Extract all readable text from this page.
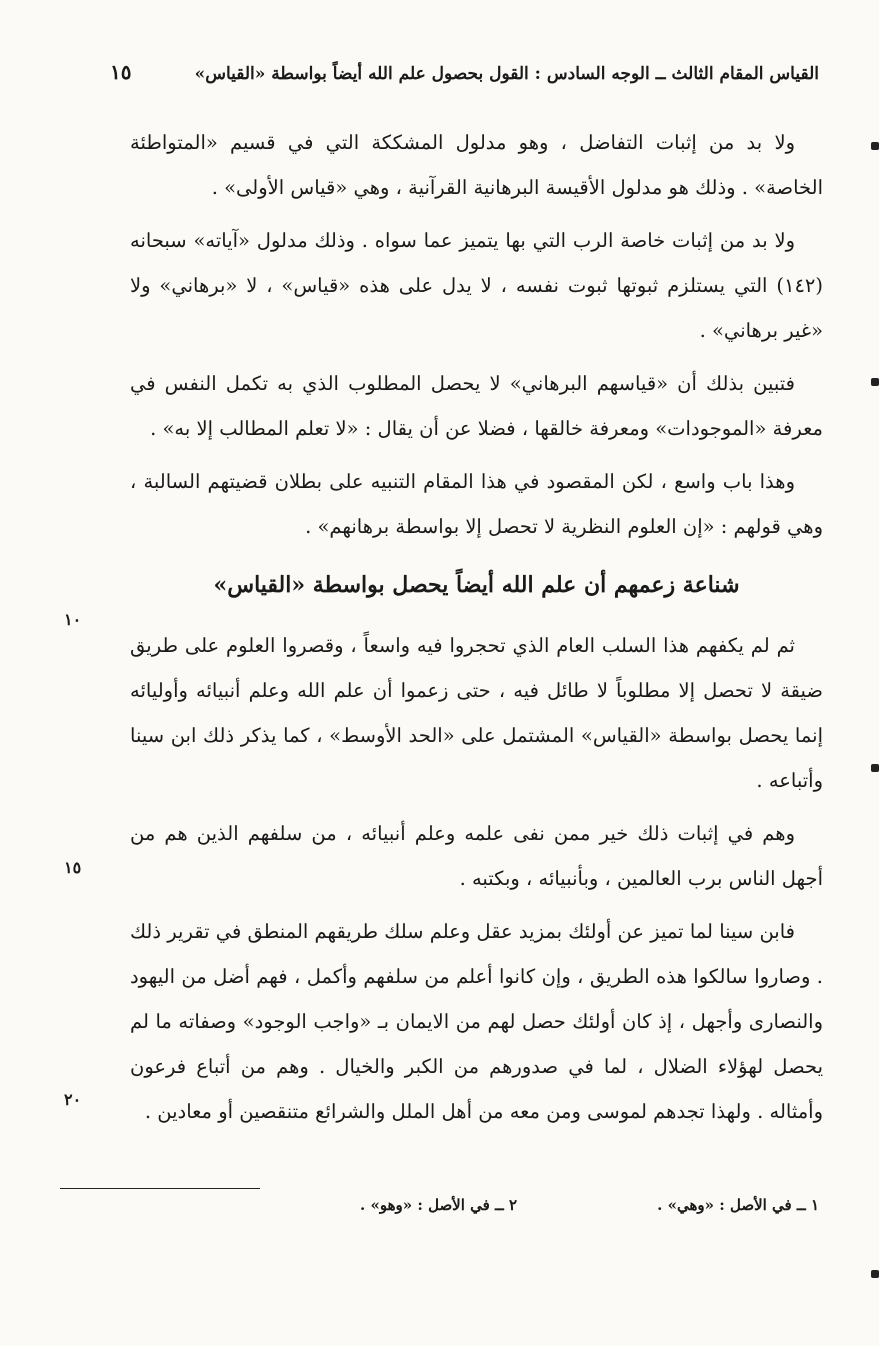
القياس المقام الثالث ــ الوجه السادس : القول بحصول علم الله أيضاً بواسطة «القياس»
١٥

ولا بد من إثبات التفاضل ، وهو مدلول المشككة التي في قسيم «المتواطئة الخاصة» . وذلك هو مدلول الأقيسة البرهانية القرآنية ، وهي «قياس الأولى» .

ولا بد من إثبات خاصة الرب التي بها يتميز عما سواه . وذلك مدلول «آياته» سبحانه (١٤٢) التي يستلزم ثبوتها ثبوت نفسه ، لا يدل على هذه «قياس» ، لا «برهاني» ولا «غير برهاني» .

فتبين بذلك أن «قياسهم البرهاني» لا يحصل المطلوب الذي به تكمل النفس في معرفة «الموجودات» ومعرفة خالقها ، فضلا عن أن يقال : «لا تعلم المطالب إلا به» .

وهذا باب واسع ، لكن المقصود في هذا المقام التنبيه على بطلان قضيتهم السالبة ، وهي قولهم : «إن العلوم النظرية لا تحصل إلا بواسطة برهانهم» .

شناعة زعمهم أن علم الله أيضاً يحصل بواسطة «القياس»

ثم لم يكفهم هذا السلب العام الذي تحجروا فيه واسعاً ، وقصروا العلوم على طريق ضيقة لا تحصل إلا مطلوباً لا طائل فيه ، حتى زعموا أن علم الله وعلم أنبيائه وأوليائه إنما يحصل بواسطة «القياس» المشتمل على «الحد الأوسط» ، كما يذكر ذلك ابن سينا وأتباعه .

وهم في إثبات ذلك خير ممن نفى علمه وعلم أنبيائه ، من سلفهم الذين هم من أجهل الناس برب العالمين ، وبأنبيائه ، وبكتبه .

فابن سينا لما تميز عن أولئك بمزيد عقل وعلم سلك طريقهم المنطق في تقرير ذلك . وصاروا سالكوا هذه الطريق ، وإن كانوا أعلم من سلفهم وأكمل ، فهم أضل من اليهود والنصارى وأجهل ، إذ كان أولئك حصل لهم من الايمان بـ «واجب الوجود» وصفاته ما لم يحصل لهؤلاء الضلال ، لما في صدورهم من الكبر والخيال . وهم من أتباع فرعون وأمثاله . ولهذا تجدهم لموسى ومن معه من أهل الملل والشرائع متنقصين أو معادين .

١٠
١٥
٢٠
١ ــ في الأصل : «وهي» .
٢ ــ في الأصل : «وهو» .
